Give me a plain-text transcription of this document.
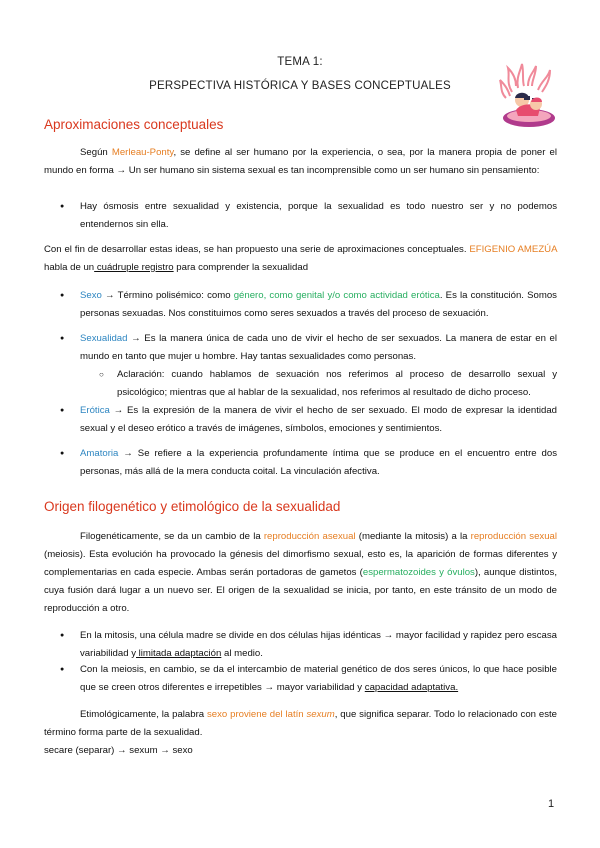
TEMA 1:
PERSPECTIVA HISTÓRICA Y BASES CONCEPTUALES
Aproximaciones conceptuales
Según Merleau-Ponty, se define al ser humano por la experiencia, o sea, por la manera propia de poner el mundo en forma → Un ser humano sin sistema sexual es tan incomprensible como un ser humano sin pensamiento:
● Hay ósmosis entre sexualidad y existencia, porque la sexualidad es todo nuestro ser y no podemos entendernos sin ella.
Con el fin de desarrollar estas ideas, se han propuesto una serie de aproximaciones conceptuales. EFIGENIO AMEZÚA habla de un cuádruple registro para comprender la sexualidad
● Sexo → Término polisémico: como género, como genital y/o como actividad erótica. Es la constitución. Somos personas sexuadas. Nos constituimos como seres sexuados a través del proceso de sexuación.
● Sexualidad → Es la manera única de cada uno de vivir el hecho de ser sexuados. La manera de estar en el mundo en tanto que mujer u hombre. Hay tantas sexualidades como personas.
○ Aclaración: cuando hablamos de sexuación nos referimos al proceso de desarrollo sexual y psicológico; mientras que al hablar de la sexualidad, nos referimos al resultado de dicho proceso.
● Erótica → Es la expresión de la manera de vivir el hecho de ser sexuado. El modo de expresar la identidad sexual y el deseo erótico a través de imágenes, símbolos, emociones y sentimientos.
● Amatoria → Se refiere a la experiencia profundamente íntima que se produce en el encuentro entre dos personas, más allá de la mera conducta coital. La vinculación afectiva.
Origen filogenético y etimológico de la sexualidad
Filogenéticamente, se da un cambio de la reproducción asexual (mediante la mitosis) a la reproducción sexual (meiosis). Esta evolución ha provocado la génesis del dimorfismo sexual, esto es, la aparición de formas diferentes y complementarias en cada especie. Ambas serán portadoras de gametos (espermatozoides y óvulos), aunque distintos, cuya fusión dará lugar a un nuevo ser. El origen de la sexualidad se inicia, por tanto, en este tránsito de un modo de reproducción a otro.
● En la mitosis, una célula madre se divide en dos células hijas idénticas → mayor facilidad y rapidez pero escasa variabilidad y limitada adaptación al medio.
● Con la meiosis, en cambio, se da el intercambio de material genético de dos seres únicos, lo que hace posible que se creen otros diferentes e irrepetibles → mayor variabilidad y capacidad adaptativa.
Etimológicamente, la palabra sexo proviene del latín sexum, que significa separar. Todo lo relacionado con este término forma parte de la sexualidad.
secare (separar) → sexum → sexo
1
